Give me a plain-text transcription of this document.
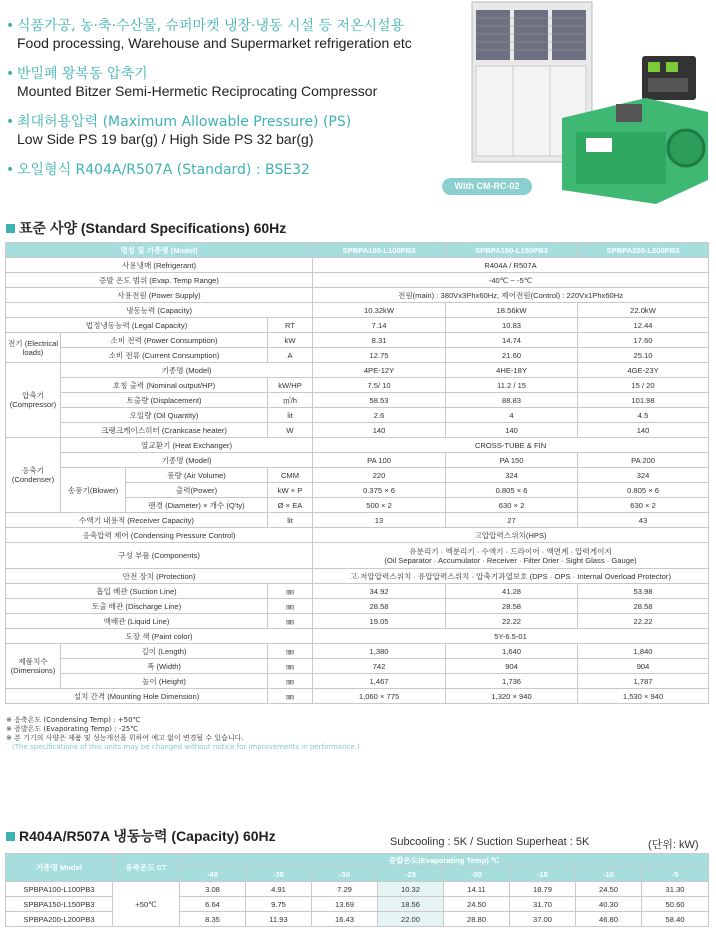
• 식품가공, 농·축·수산물, 슈퍼마켓 냉장·냉동 시설 등 저온시설용
Food processing, Warehouse and Supermarket refrigeration etc
• 반밀폐 왕복동 압축기
Mounted Bitzer Semi-Hermetic Reciprocating Compressor
• 최대허용압력 (Maximum Allowable Pressure) (PS)
Low Side PS 19 bar(g) / High Side PS 32 bar(g)
• 오일형식 R404A/R507A (Standard) : BSE32
With CM-RC-02
표준 사양 (Standard Specifications) 60Hz
명칭 및 기종명 (Model)				SPBPA100-L100PB3	SPBPA150-L150PB3	SPBPA200-L200PB3
사용냉매 (Refrigerant)				R404A / R507A		
증발 온도 범위 (Evap. Temp Range)				-40℃ ~ -5℃		
사용전원 (Power Supply)				전원(main) : 380Vx3Phx60Hz, 제어전원(Control) : 220Vx1Phx60Hz		
냉동능력 (Capacity)				10.32kW	18.56kW	22.0kW
법정냉동능력 (Legal Capacity)			RT	7.14	10.83	12.44
전기 (Electrical loads)	소비 전력 (Power Consumption)		kW	8.31	14.74	17.60
	소비 전류 (Current Consumption)		A	12.75	21.60	25.10
압축기 (Compressor)	기종명 (Model)			4PE-12Y	4HE-18Y	4GE-23Y
	호칭 출력 (Nominal output/HP)		kW/HP	7.5/ 10	11.2 / 15	15 / 20
	토출량 (Displacement)		㎥/h	58.53	88.83	101.98
	오일량 (Oil Quantity)		lit	2.6	4	4.5
	크랭크케이스히터 (Crankcase heater)		W	140	140	140
응축기 (Condenser)	열교환기 (Heat Exchanger)			CROSS-TUBE & FIN		
	기종명 (Model)			PA 100	PA 150	PA 200
	송풍기(Blower)	풍량 (Air Volume)	CMM	220	324	324
		출력(Power)	kW × P	0.375 × 6	0.805 × 6	0.805 × 6
		팬경 (Diameter) × 개수 (Q'ty)	Ø × EA	500 × 2	630 × 2	630 × 2
수액기 내용적 (Receiver Capacity)			lit	13	27	43
응축압력 제어 (Condensing Pressure Control)				고압압력스위치(HPS)		
구성 부품 (Components)				유분리기 · 액분리기 · 수액기 · 드라이어 · 액면계 · 압력게이지
(Oil Separator · Accumulator · Receiver · Filter Drier · Sight Glass · Gauge)		

안전 장치 (Protection)				고·저압압력스위치 · 유압압력스위치 · 압축기과열보호 (DPS · OPS · Internal Overload Protector)		
흡입 배관 (Suction Line)			㎜	34.92	41.28	53.98
토출 배관 (Discharge Line)			㎜	28.58	28.58	28.58
액배관 (Liquid Line)			㎜	19.05	22.22	22.22
도장 색 (Paint color)				5Y-6.5-01		
제품치수 (Dimensions)	길이 (Length)		㎜	1,380	1,640	1,840
	폭 (Width)		㎜	742	904	904
	높이 (Height)		㎜	1,467	1,736	1,787
설치 간격 (Mounting Hole Dimension)			㎜	1,060 × 775	1,320 × 940	1,530 × 940
※ 응축온도 (Condensing Temp) : +50℃
※ 증발온도 (Evaporating Temp) : -25℃
※ 본 기기의 사양은 제품 및 성능개선을 위하여 예고 없이 변경될 수 있습니다.
(The specifications of this units may be changed without notice for improvements in performance.)
R404A/R507A 냉동능력 (Capacity) 60Hz	Subcooling : 5K / Suction Superheat : 5K	(단위: kW)
기종명 Model	응축온도 CT	증발온도(Evaporating Temp) ℃							
		-40	-35	-30	-25	-20	-15	-10	-5
SPBPA100-L100PB3	+50℃	3.08	4.91	7.29	10.32	14.11	18.79	24.50	31.30
SPBPA150-L150PB3		6.64	9.75	13.69	18.56	24.50	31.70	40.30	50.60
SPBPA200-L200PB3		8.35	11.93	16.43	22.00	28.80	37.00	46.80	58.40
